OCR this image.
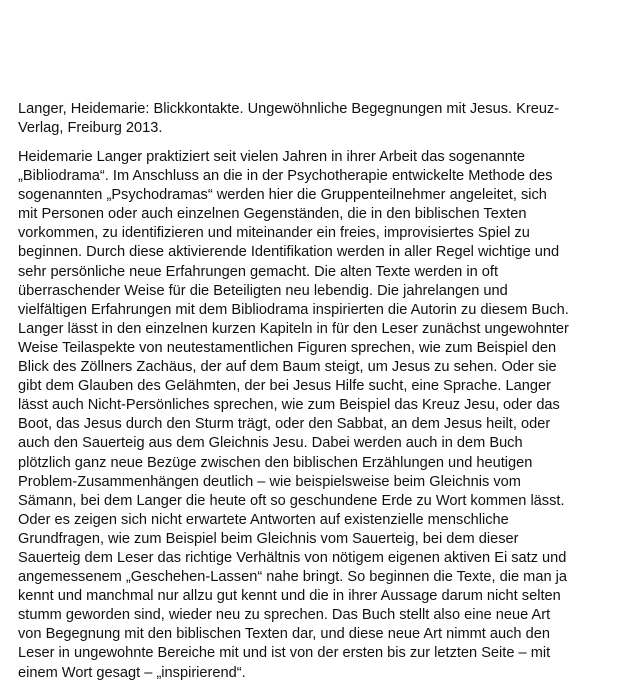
Langer, Heidemarie: Blickkontakte. Ungewöhnliche Begegnungen mit Jesus. Kreuz-
Verlag, Freiburg 2013.
Heidemarie Langer praktiziert seit vielen Jahren in ihrer Arbeit das sogenannte
„Bibliodrama“. Im Anschluss an die in der Psychotherapie entwickelte Methode des
sogenannten „Psychodramas“ werden hier die Gruppenteilnehmer angeleitet, sich
mit Personen oder auch einzelnen Gegenständen, die in den biblischen Texten
vorkommen, zu identifizieren und miteinander ein freies, improvisiertes Spiel zu
beginnen. Durch diese aktivierende Identifikation werden in aller Regel wichtige und
sehr persönliche neue Erfahrungen gemacht. Die alten Texte werden in oft
überraschender Weise für die Beteiligten neu lebendig. Die jahrelangen und
vielfältigen Erfahrungen mit dem Bibliodrama inspirierten die Autorin zu diesem Buch.
Langer lässt in den einzelnen kurzen Kapiteln in für den Leser zunächst ungewohnter
Weise Teilaspekte von neutestamentlichen Figuren sprechen, wie zum Beispiel den
Blick des Zöllners Zachäus, der auf dem Baum steigt, um Jesus zu sehen. Oder sie
gibt dem Glauben des Gelähmten, der bei Jesus Hilfe sucht, eine Sprache. Langer
lässt auch Nicht-Persönliches sprechen, wie zum Beispiel das Kreuz Jesu, oder das
Boot, das Jesus durch den Sturm trägt, oder den Sabbat, an dem Jesus heilt, oder
auch den Sauerteig aus dem Gleichnis Jesu. Dabei werden auch in dem Buch
plötzlich ganz neue Bezüge zwischen den biblischen Erzählungen und heutigen
Problem-Zusammenhängen deutlich – wie beispielsweise beim Gleichnis vom
Sämann, bei dem Langer die heute oft so geschundene Erde zu Wort kommen lässt.
Oder es zeigen sich nicht erwartete Antworten auf existenzielle menschliche
Grundfragen, wie zum Beispiel beim Gleichnis vom Sauerteig, bei dem dieser
Sauerteig dem Leser das richtige Verhältnis von nötigem eigenen aktiven Ei satz und
angemessenem „Geschehen-Lassen“ nahe bringt. So beginnen die Texte, die man ja
kennt und manchmal nur allzu gut kennt und die in ihrer Aussage darum nicht selten
stumm geworden sind, wieder neu zu sprechen. Das Buch stellt also eine neue Art
von Begegnung mit den biblischen Texten dar, und diese neue Art nimmt auch den
Leser in ungewohnte Bereiche mit und ist von der ersten bis zur letzten Seite – mit
einem Wort gesagt – „inspirierend“.
